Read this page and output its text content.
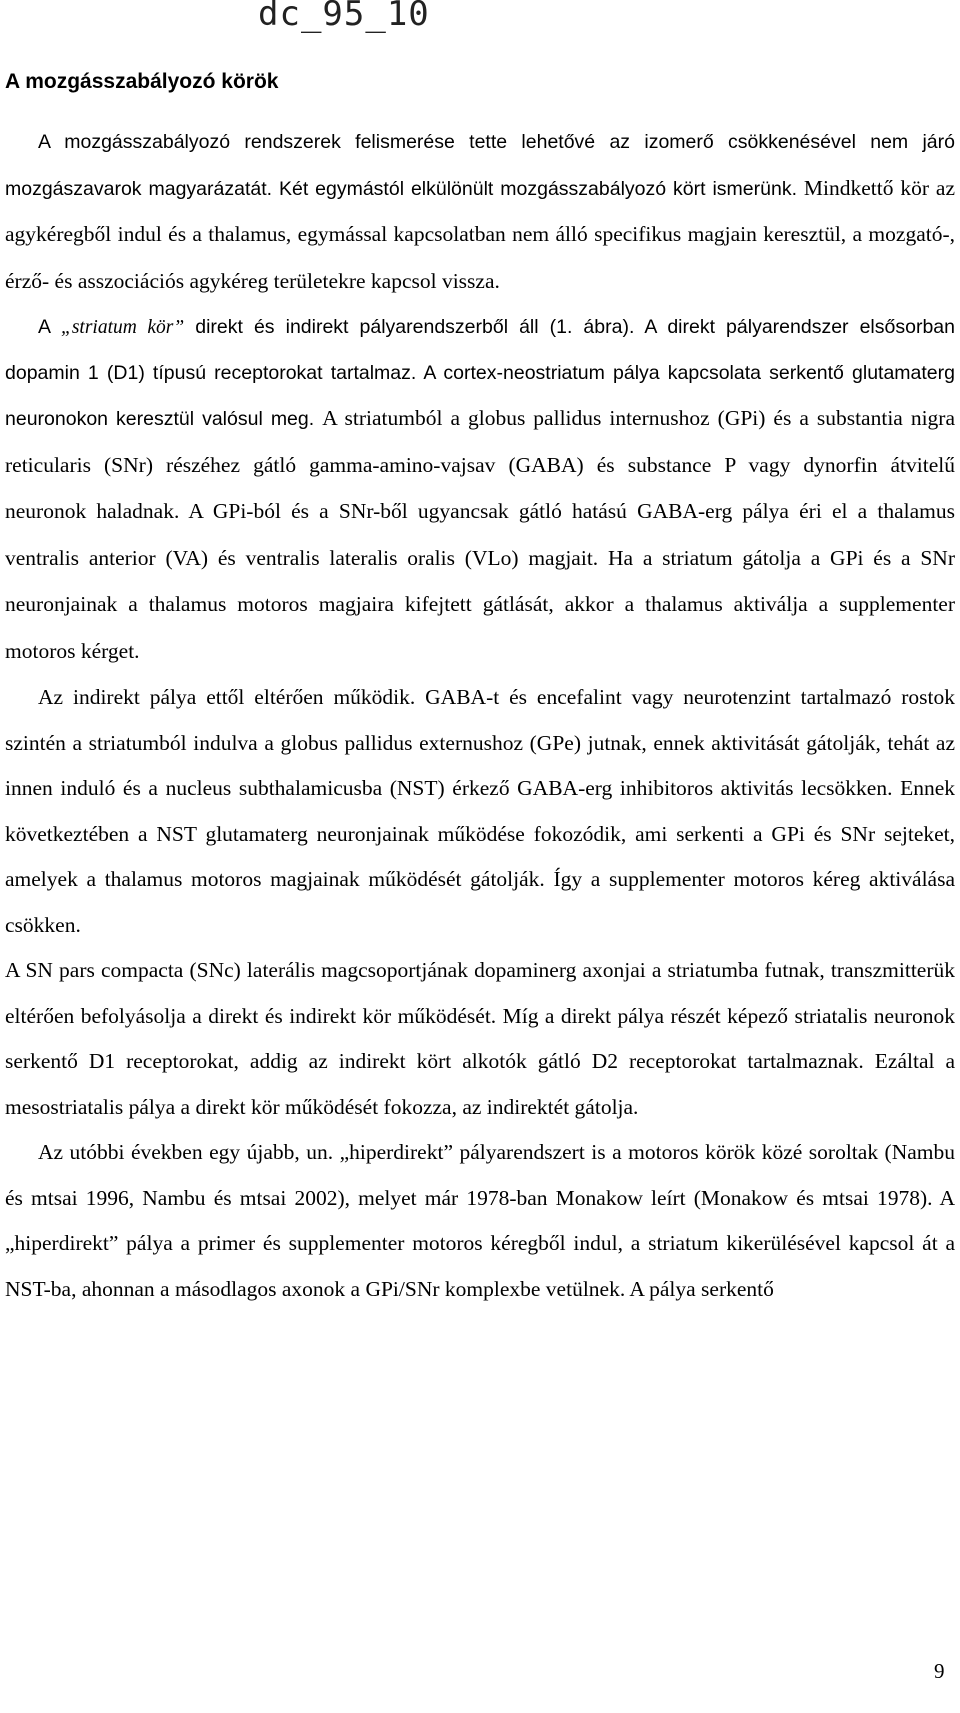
dc_95_10
A mozgásszabályozó körök

A mozgásszabályozó rendszerek felismerése tette lehetővé az izomerő csökkenésével nem járó mozgászavarok magyarázatát. Két egymástól elkülönült mozgásszabályozó kört ismerünk. Mindkettő kör az agykéregből indul és a thalamus, egymással kapcsolatban nem álló specifikus magjain keresztül, a mozgató-, érző- és asszociációs agykéreg területekre kapcsol vissza.

A „striatum kör” direkt és indirekt pályarendszerből áll (1. ábra). A direkt pályarendszer elsősorban dopamin 1 (D1) típusú receptorokat tartalmaz. A cortex-neostriatum pálya kapcsolata serkentő glutamaterg neuronokon keresztül valósul meg. A striatumból a globus pallidus internushoz (GPi) és a substantia nigra reticularis (SNr) részéhez gátló gamma-amino-vajsav (GABA) és substance P vagy dynorfin átvitelű neuronok haladnak. A GPi-ból és a SNr-ből ugyancsak gátló hatású GABA-erg pálya éri el a thalamus ventralis anterior (VA) és ventralis lateralis oralis (VLo) magjait. Ha a striatum gátolja a GPi és a SNr neuronjainak a thalamus motoros magjaira kifejtett gátlását, akkor a thalamus aktiválja a supplementer motoros kérget.

Az indirekt pálya ettől eltérően működik. GABA-t és encefalint vagy neurotenzint tartalmazó rostok szintén a striatumból indulva a globus pallidus externushoz (GPe) jutnak, ennek aktivitását gátolják, tehát az innen induló és a nucleus subthalamicusba (NST) érkező GABA-erg inhibitoros aktivitás lecsökken. Ennek következtében a NST glutamaterg neuronjainak működése fokozódik, ami serkenti a GPi és SNr sejteket, amelyek a thalamus motoros magjainak működését gátolják. Így a supplementer motoros kéreg aktiválása csökken.

A SN pars compacta (SNc) laterális magcsoportjának dopaminerg axonjai a striatumba futnak, transzmitterük eltérően befolyásolja a direkt és indirekt kör működését. Míg a direkt pálya részét képező striatalis neuronok serkentő D1 receptorokat, addig az indirekt kört alkotók gátló D2 receptorokat tartalmaznak. Ezáltal a mesostriatalis pálya a direkt kör működését fokozza, az indirektét gátolja.

Az utóbbi években egy újabb, un. „hiperdirekt” pályarendszert is a motoros körök közé soroltak (Nambu és mtsai 1996, Nambu és mtsai 2002), melyet már 1978-ban Monakow leírt (Monakow és mtsai 1978). A „hiperdirekt” pálya a primer és supplementer motoros kéregből indul, a striatum kikerülésével kapcsol át a NST-ba, ahonnan a másodlagos axonok a GPi/SNr komplexbe vetülnek. A pálya serkentő

9
